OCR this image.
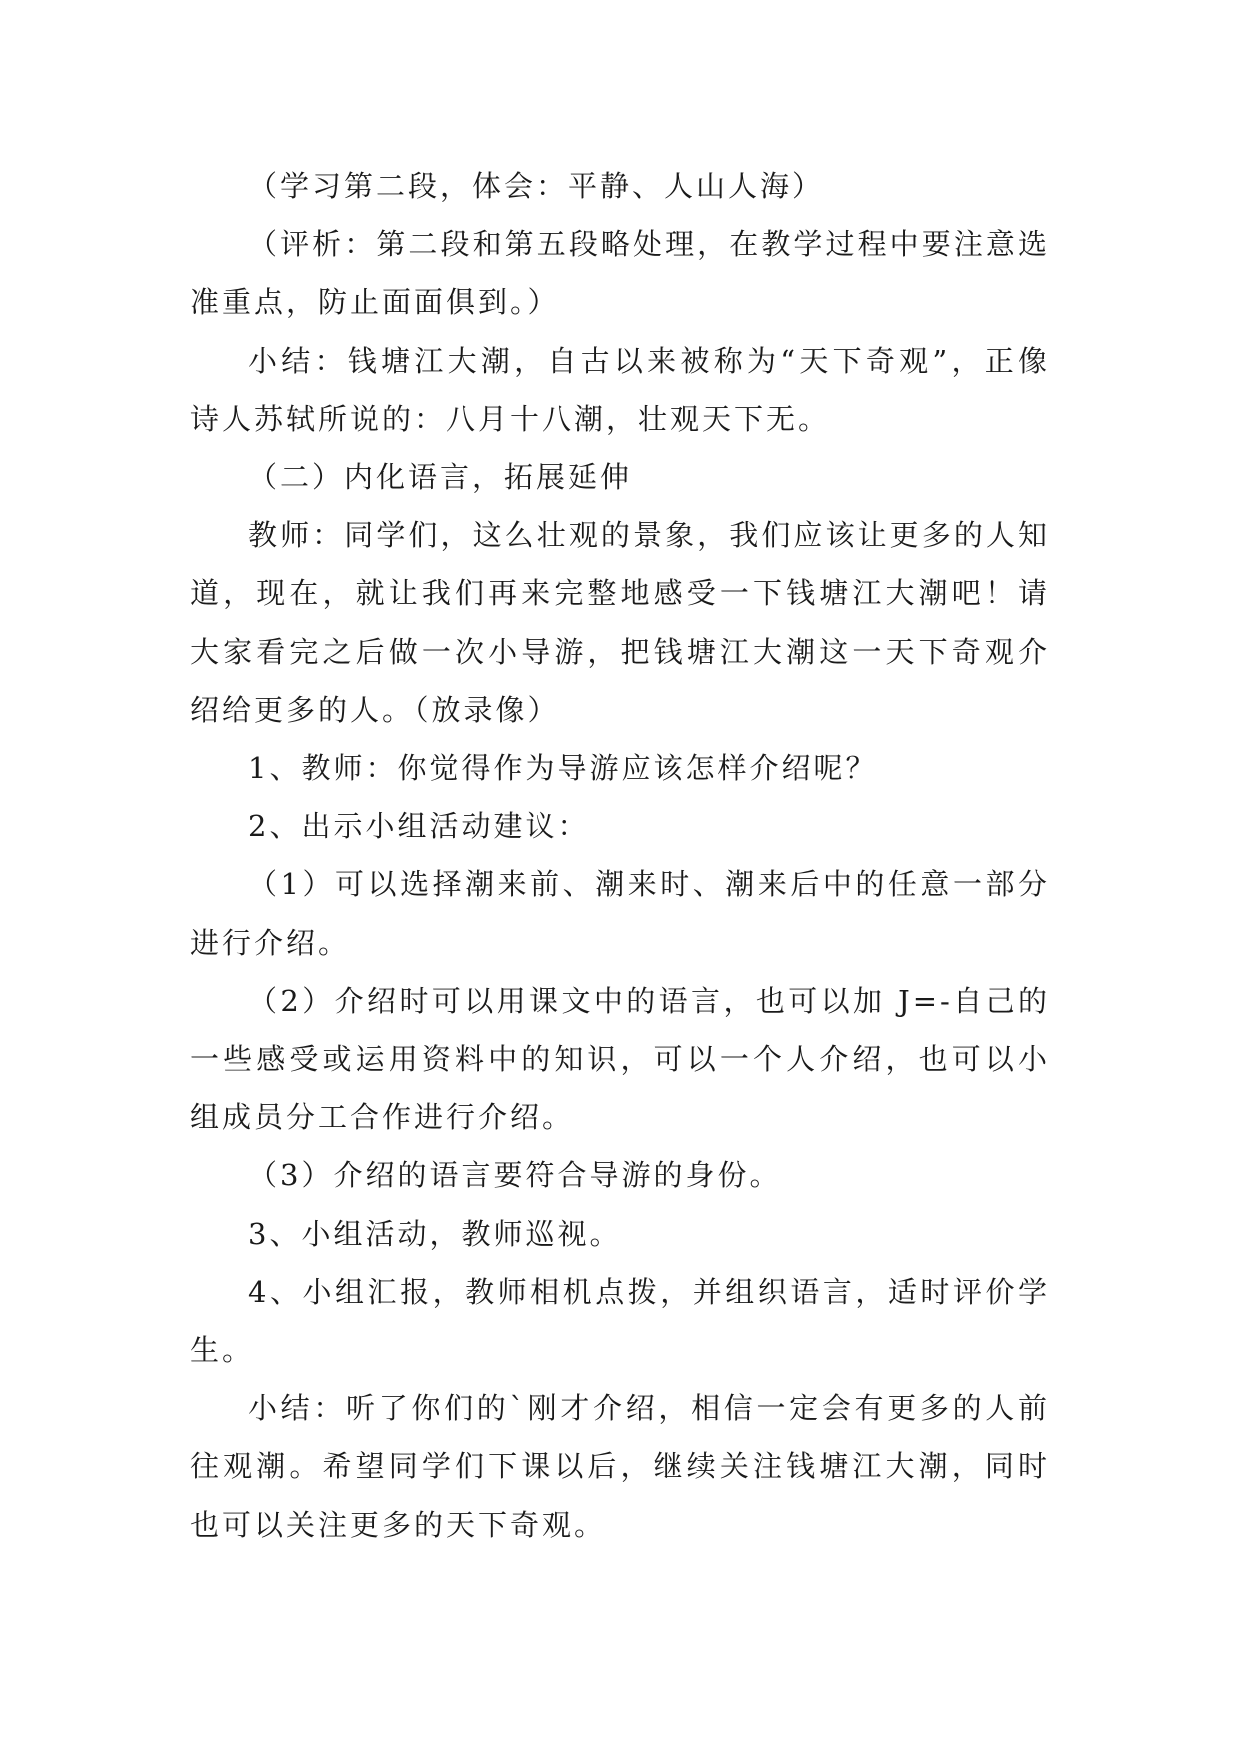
（学习第二段，体会：平静、人山人海）

（评析：第二段和第五段略处理，在教学过程中要注意选准重点，防止面面俱到。）

小结：钱塘江大潮，自古以来被称为“天下奇观”，正像诗人苏轼所说的：八月十八潮，壮观天下无。

（二）内化语言，拓展延伸

教师：同学们，这么壮观的景象，我们应该让更多的人知道，现在，就让我们再来完整地感受一下钱塘江大潮吧！请大家看完之后做一次小导游，把钱塘江大潮这一天下奇观介绍给更多的人。（放录像）

1、教师：你觉得作为导游应该怎样介绍呢？

2、出示小组活动建议：

（1）可以选择潮来前、潮来时、潮来后中的任意一部分进行介绍。

（2）介绍时可以用课文中的语言，也可以加 J=-自己的一些感受或运用资料中的知识，可以一个人介绍，也可以小组成员分工合作进行介绍。

（3）介绍的语言要符合导游的身份。

3、小组活动，教师巡视。

4、小组汇报，教师相机点拨，并组织语言，适时评价学生。

小结：听了你们的`刚才介绍，相信一定会有更多的人前往观潮。希望同学们下课以后，继续关注钱塘江大潮，同时也可以关注更多的天下奇观。
